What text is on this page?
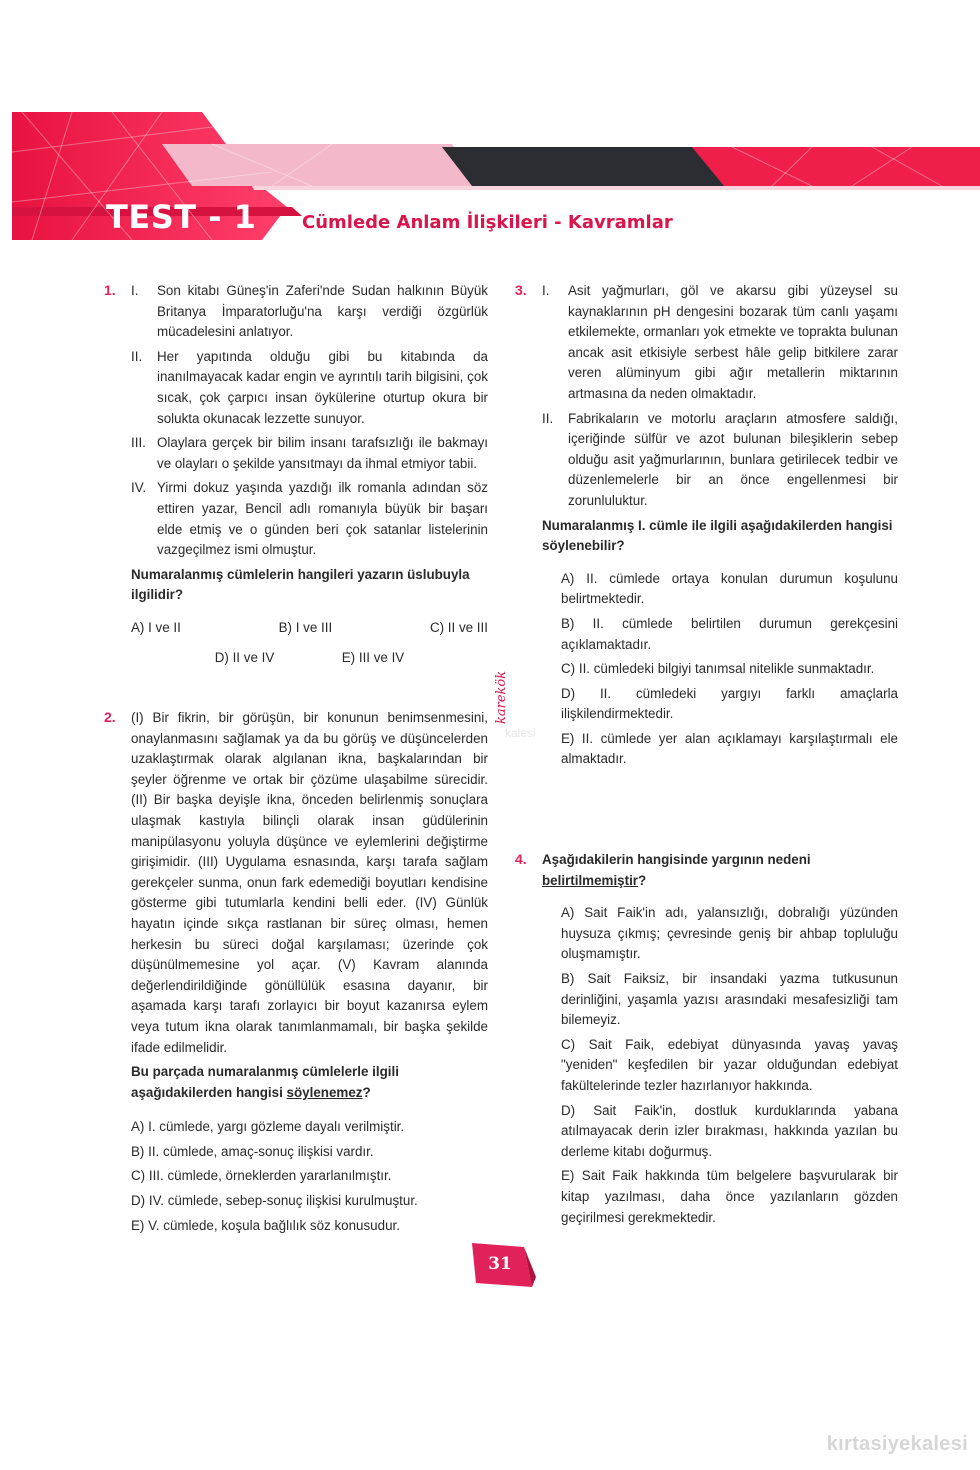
TEST - 1	Cümlede Anlam İlişkileri - Kavramlar
kalesi
karekök
1. I. Son kitabı Güneş'in Zaferi'nde Sudan halkının Büyük Britanya İmparatorluğu'na karşı verdiği özgürlük mücadelesini anlatıyor.
II. Her yapıtında olduğu gibi bu kitabında da inanılmayacak kadar engin ve ayrıntılı tarih bilgisini, çok sıcak, çok çarpıcı insan öykülerine oturtup okura bir solukta okunacak lezzette sunuyor.
III. Olaylara gerçek bir bilim insanı tarafsızlığı ile bakmayı ve olayları o şekilde yansıtmayı da ihmal etmiyor tabii.
IV. Yirmi dokuz yaşında yazdığı ilk romanla adından söz ettiren yazar, Bencil adlı romanıyla büyük bir başarı elde etmiş ve o günden beri çok satanlar listelerinin vazgeçilmez ismi olmuştur.
Numaralanmış cümlelerin hangileri yazarın üslubuyla ilgilidir?
A) I ve II	B) I ve III	C) II ve III
D) II ve IV	E) III ve IV
2. (I) Bir fikrin, bir görüşün, bir konunun benimsenmesini, onaylanmasını sağlamak ya da bu görüş ve düşüncelerden uzaklaştırmak olarak algılanan ikna, başkalarından bir şeyler öğrenme ve ortak bir çözüme ulaşabilme sürecidir. (II) Bir başka deyişle ikna, önceden belirlenmiş sonuçlara ulaşmak kastıyla bilinçli olarak insan güdülerinin manipülasyonu yoluyla düşünce ve eylemlerini değiştirme girişimidir. (III) Uygulama esnasında, karşı tarafa sağlam gerekçeler sunma, onun fark edemediği boyutları kendisine gösterme gibi tutumlarla kendini belli eder. (IV) Günlük hayatın içinde sıkça rastlanan bir süreç olması, hemen herkesin bu süreci doğal karşılaması; üzerinde çok düşünülmemesine yol açar. (V) Kavram alanında değerlendirildiğinde gönüllülük esasına dayanır, bir aşamada karşı tarafı zorlayıcı bir boyut kazanırsa eylem veya tutum ikna olarak tanımlanmamalı, bir başka şekilde ifade edilmelidir.
Bu parçada numaralanmış cümlelerle ilgili aşağıdakilerden hangisi söylenemez?
A) I. cümlede, yargı gözleme dayalı verilmiştir.
B) II. cümlede, amaç-sonuç ilişkisi vardır.
C) III. cümlede, örneklerden yararlanılmıştır.
D) IV. cümlede, sebep-sonuç ilişkisi kurulmuştur.
E) V. cümlede, koşula bağlılık söz konusudur.
3. I. Asit yağmurları, göl ve akarsu gibi yüzeysel su kaynaklarının pH dengesini bozarak tüm canlı yaşamı etkilemekte, ormanları yok etmekte ve toprakta bulunan ancak asit etkisiyle serbest hâle gelip bitkilere zarar veren alüminyum gibi ağır metallerin miktarının artmasına da neden olmaktadır.
II. Fabrikaların ve motorlu araçların atmosfere saldığı, içeriğinde sülfür ve azot bulunan bileşiklerin sebep olduğu asit yağmurlarının, bunlara getirilecek tedbir ve düzenlemelerle bir an önce engellenmesi bir zorunluluktur.
Numaralanmış I. cümle ile ilgili aşağıdakilerden hangisi söylenebilir?
A) II. cümlede ortaya konulan durumun koşulunu belirtmektedir.
B) II. cümlede belirtilen durumun gerekçesini açıklamaktadır.
C) II. cümledeki bilgiyi tanımsal nitelikle sunmaktadır.
D) II. cümledeki yargıyı farklı amaçlarla ilişkilendirmektedir.
E) II. cümlede yer alan açıklamayı karşılaştırmalı ele almaktadır.
4. Aşağıdakilerin hangisinde yargının nedeni belirtilmemiştir?
A) Sait Faik'in adı, yalansızlığı, dobralığı yüzünden huysuza çıkmış; çevresinde geniş bir ahbap topluluğu oluşmamıştır.
B) Sait Faiksiz, bir insandaki yazma tutkusunun derinliğini, yaşamla yazısı arasındaki mesafesizliği tam bilemeyiz.
C) Sait Faik, edebiyat dünyasında yavaş yavaş "yeniden" keşfedilen bir yazar olduğundan edebiyat fakültelerinde tezler hazırlanıyor hakkında.
D) Sait Faik'in, dostluk kurduklarında yabana atılmayacak derin izler bırakması, hakkında yazılan bu derleme kitabı doğurmuş.
E) Sait Faik hakkında tüm belgelere başvurularak bir kitap yazılması, daha önce yazılanların gözden geçirilmesi gerekmektedir.
31
kırtasiyekalesi
